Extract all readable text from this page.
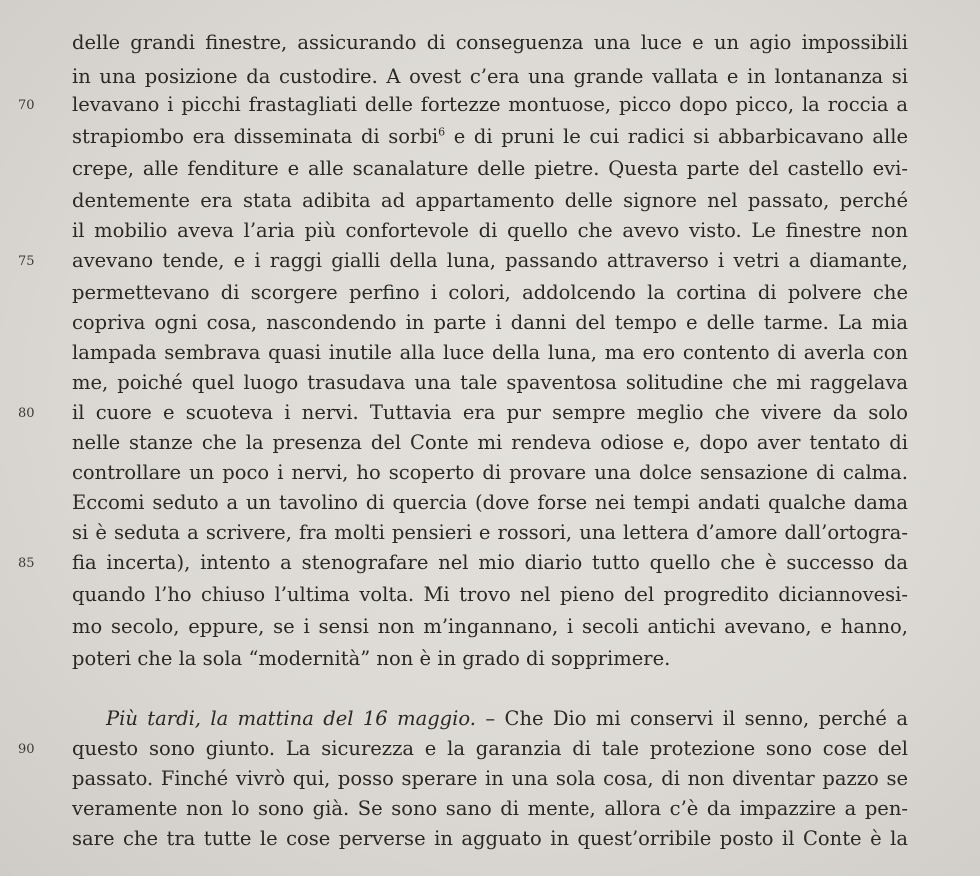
delle grandi finestre, assicurando di conseguenza una luce e un agio impossibili
in una posizione da custodire. A ovest c’era una grande vallata e in lontananza si
70	levavano i picchi frastagliati delle fortezze montuose, picco dopo picco, la roccia a
strapiombo era disseminata di sorbi$^6$ e di pruni le cui radici si abbarbicavano alle
crepe, alle fenditure e alle scanalature delle pietre. Questa parte del castello evi-
dentemente era stata adibita ad appartamento delle signore nel passato, perché
il mobilio aveva l’aria più confortevole di quello che avevo visto. Le finestre non
75	avevano tende, e i raggi gialli della luna, passando attraverso i vetri a diamante,
permettevano di scorgere perfino i colori, addolcendo la cortina di polvere che
copriva ogni cosa, nascondendo in parte i danni del tempo e delle tarme. La mia
lampada sembrava quasi inutile alla luce della luna, ma ero contento di averla con
me, poiché quel luogo trasudava una tale spaventosa solitudine che mi raggelava
80	il cuore e scuoteva i nervi. Tuttavia era pur sempre meglio che vivere da solo
nelle stanze che la presenza del Conte mi rendeva odiose e, dopo aver tentato di
controllare un poco i nervi, ho scoperto di provare una dolce sensazione di calma.
Eccomi seduto a un tavolino di quercia (dove forse nei tempi andati qualche dama
si è seduta a scrivere, fra molti pensieri e rossori, una lettera d’amore dall’ortogra-
85	fia incerta), intento a stenografare nel mio diario tutto quello che è successo da
quando l’ho chiuso l’ultima volta. Mi trovo nel pieno del progredito diciannovesi-
mo secolo, eppure, se i sensi non m’ingannano, i secoli antichi avevano, e hanno,
poteri che la sola “modernità” non è in grado di sopprimere.
Più tardi, la mattina del 16 maggio. – Che Dio mi conservi il senno, perché a
90	questo sono giunto. La sicurezza e la garanzia di tale protezione sono cose del
passato. Finché vivrò qui, posso sperare in una sola cosa, di non diventar pazzo se
veramente non lo sono già. Se sono sano di mente, allora c’è da impazzire a pen-
sare che tra tutte le cose perverse in agguato in quest’orribile posto il Conte è la
